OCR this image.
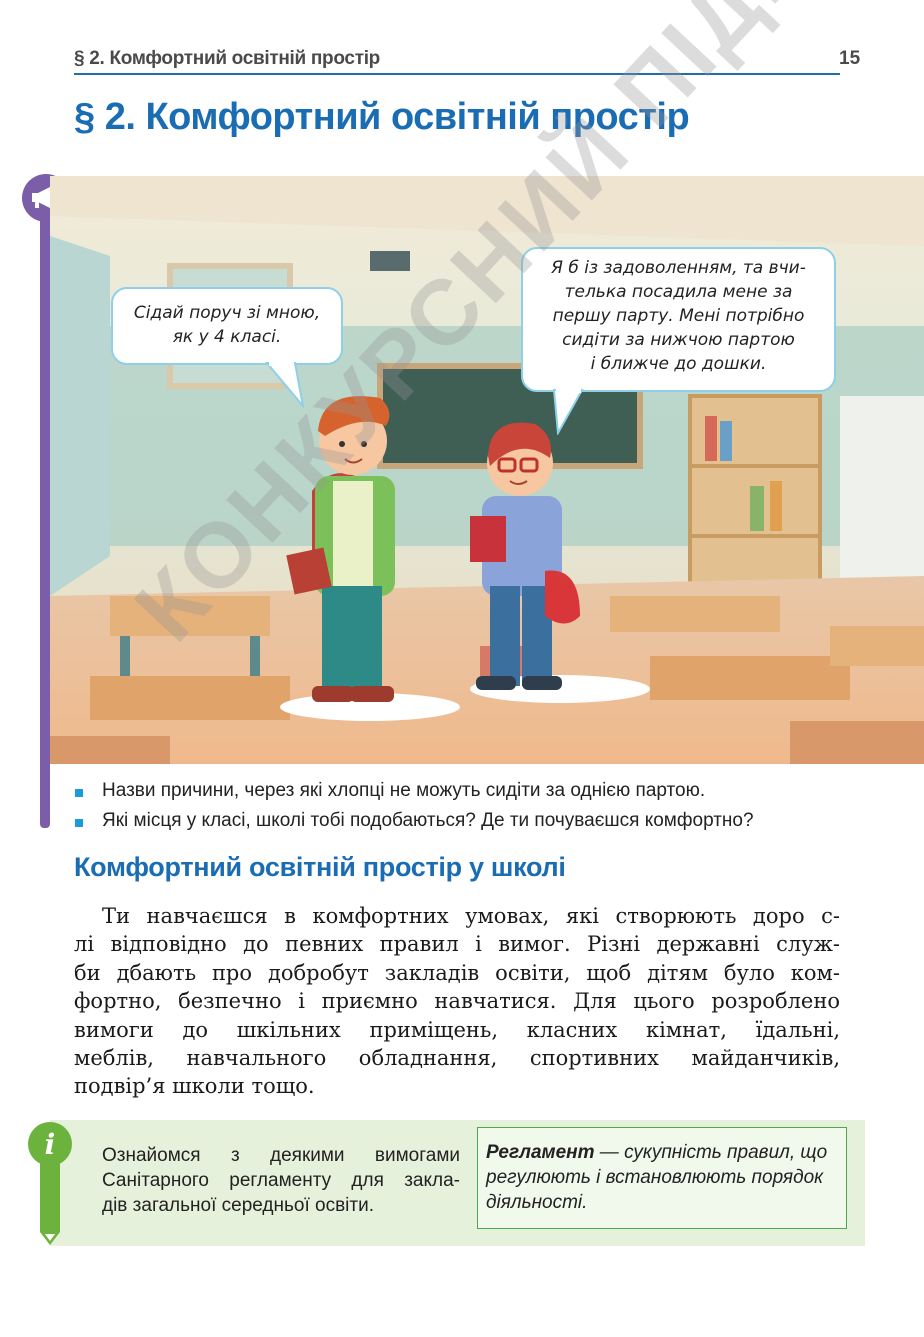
§ 2. Комфортний освітній простір	15
§ 2. Комфортний освітній простір

Сідай поруч зі мною,

як у 4 класі.

Я б із задоволенням, та вчи-

телька посадила мене за

першу парту. Мені потрібно

сидіти за нижчою партою

і ближче до дошки.

Назви причини, через які хлопці не можуть сидіти за однією партою.
Які місця у класі, школі тобі подобаються? Де ти почуваєшся комфортно?
Комфортний освітній простір у школі
Ти навчаєшся в комфортних умовах, які створюють доро с-
лі відповідно до певних правил і вимог. Різні державні служ-
би дбають про добробут закладів освіти, щоб дітям було ком-
фортно, безпечно і приємно навчатися. Для цього розроблено
вимоги до шкільних приміщень, класних кімнат, їдальні,
меблів, навчального обладнання, спортивних майданчиків,
подвір’я школи тощо.
i Ознайомся з деякими вимогами
Санітарного регламенту для закла-
дів загальної середньої освіти.
Регламент — сукупність правил, що регулюють і встановлюють порядок діяльності.
